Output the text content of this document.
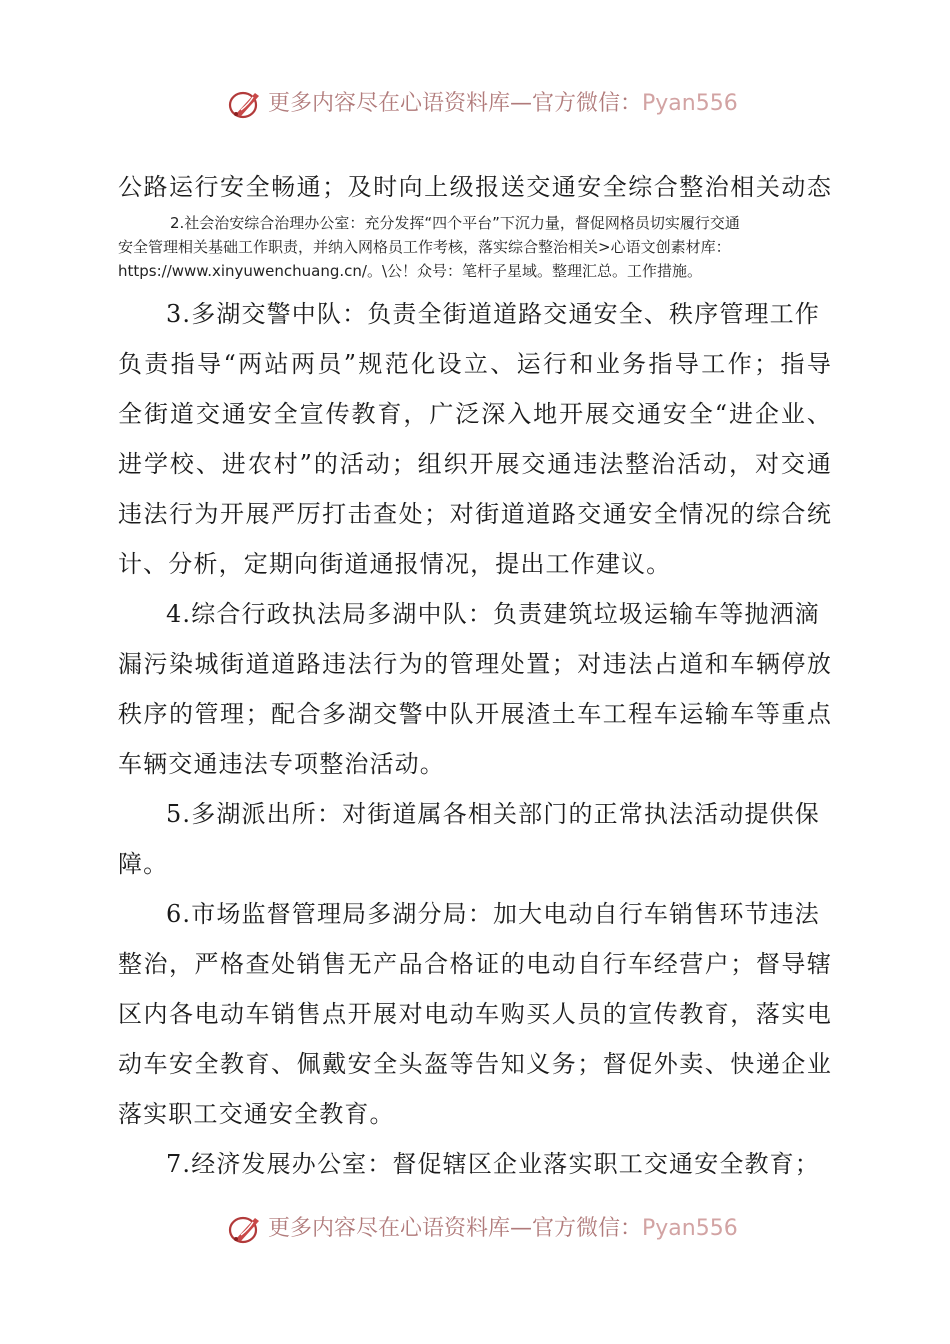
更多内容尽在心语资料库—官方微信：Pyan556
公路运行安全畅通；及时向上级报送交通安全综合整治相关动态
2.社会治安综合治理办公室：充分发挥“四个平台”下沉力量，督促网格员切实履行交通
安全管理相关基础工作职责，并纳入网格员工作考核，落实综合整治相关>心语文创素材库：
https://www.xinyuwenchuang.cn/。\公！众号：笔杆子星域。整理汇总。工作措施。
3.多湖交警中队：负责全街道道路交通安全、秩序管理工作
负责指导“两站两员”规范化设立、运行和业务指导工作；指导
全街道交通安全宣传教育，广泛深入地开展交通安全“进企业、
进学校、进农村”的活动；组织开展交通违法整治活动，对交通
违法行为开展严厉打击查处；对街道道路交通安全情况的综合统
计、分析，定期向街道通报情况，提出工作建议。
4.综合行政执法局多湖中队：负责建筑垃圾运输车等抛洒滴
漏污染城街道道路违法行为的管理处置；对违法占道和车辆停放
秩序的管理；配合多湖交警中队开展渣土车工程车运输车等重点
车辆交通违法专项整治活动。
5.多湖派出所：对街道属各相关部门的正常执法活动提供保
障。
6.市场监督管理局多湖分局：加大电动自行车销售环节违法
整治，严格查处销售无产品合格证的电动自行车经营户；督导辖
区内各电动车销售点开展对电动车购买人员的宣传教育，落实电
动车安全教育、佩戴安全头盔等告知义务；督促外卖、快递企业
落实职工交通安全教育。
7.经济发展办公室：督促辖区企业落实职工交通安全教育；
更多内容尽在心语资料库—官方微信：Pyan556
